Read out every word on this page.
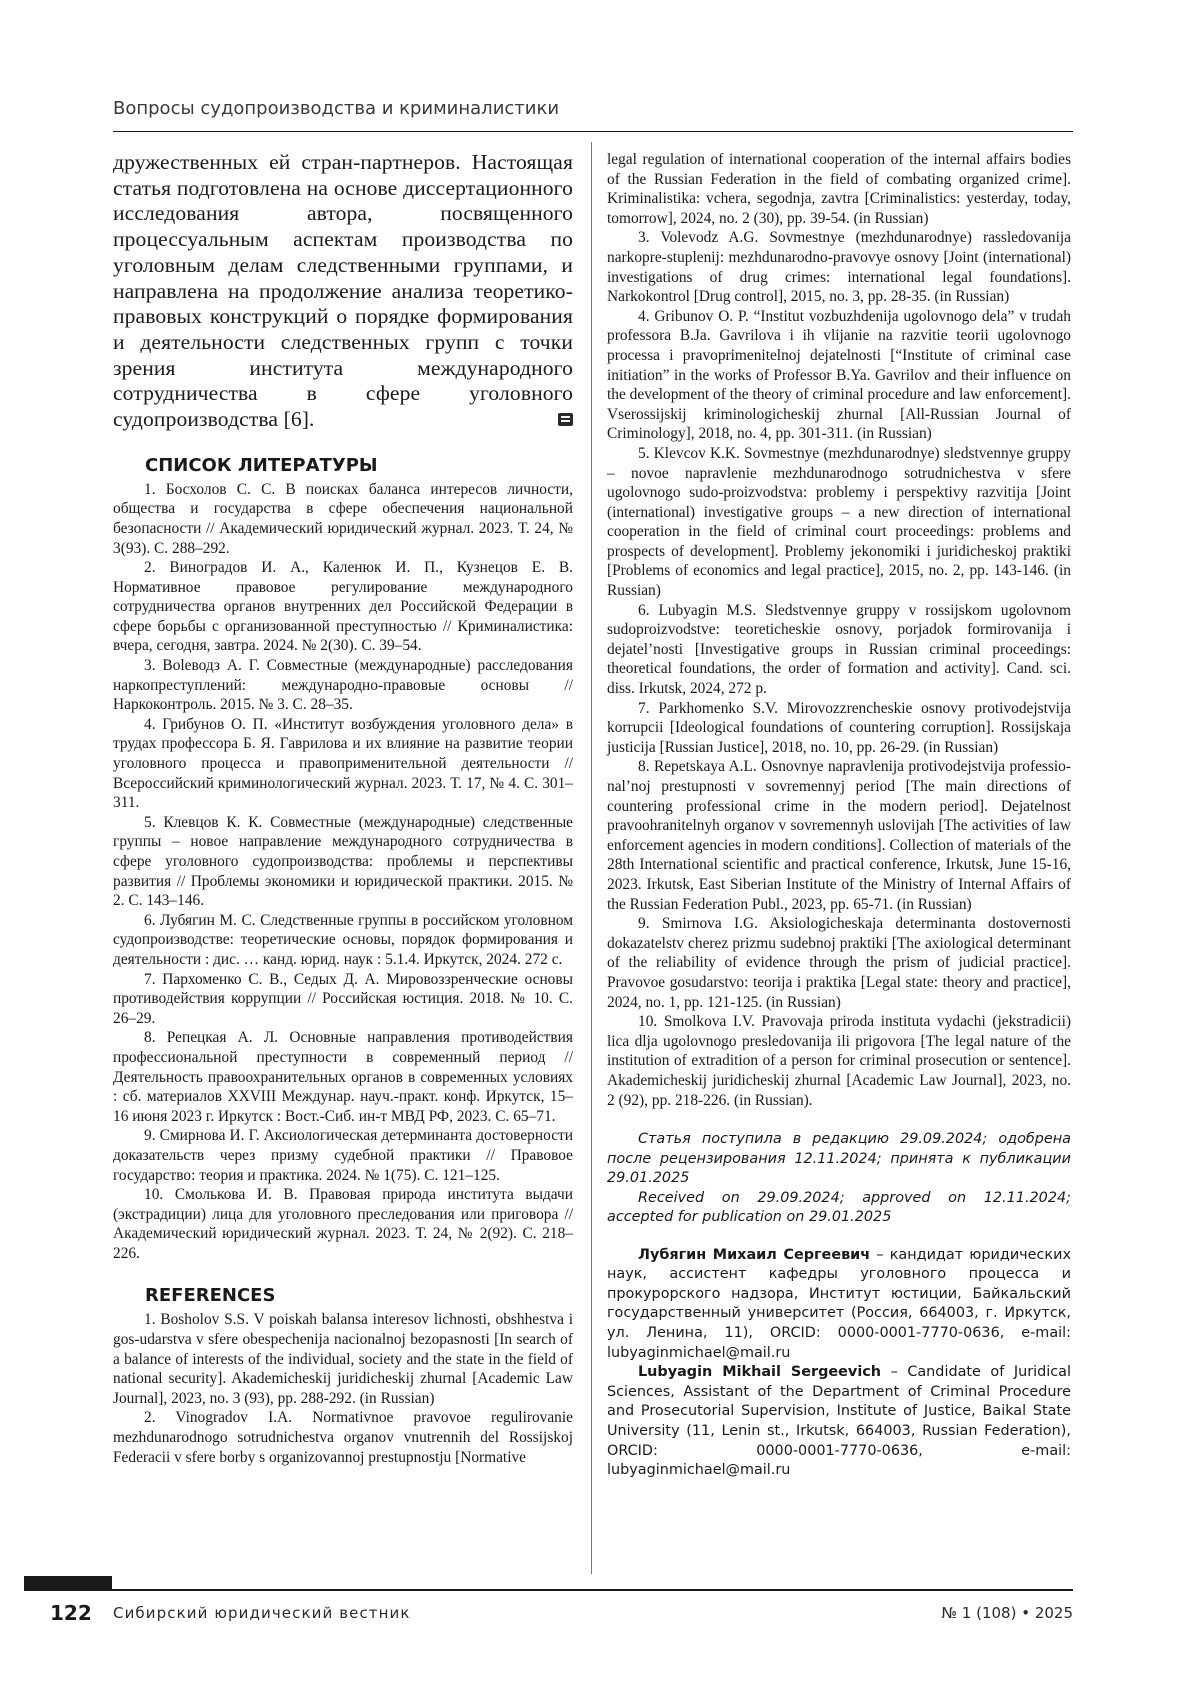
Вопросы судопроизводства и криминалистики

дружественных ей стран-партнеров. Настоящая статья подготовлена на основе диссертационного исследования автора, посвященного процессуальным аспектам производства по уголовным делам следственными группами, и направлена на продолжение анализа теоретико-правовых конструкций о порядке формирования и деятельности следственных групп с точки зрения института международного сотрудничества в сфере уголовного судопроизводства [6].

СПИСОК ЛИТЕРАТУРЫ

1. Босхолов С. С. В поисках баланса интересов личности, общества и государства в сфере обеспечения национальной безопасности // Академический юридический журнал. 2023. Т. 24, № 3(93). С. 288–292.

2. Виноградов И. А., Каленюк И. П., Кузнецов Е. В. Нормативное правовое регулирование международного сотрудничества органов внутренних дел Российской Федерации в сфере борьбы с организованной преступностью // Криминалистика: вчера, сегодня, завтра. 2024. № 2(30). С. 39–54.

3. Воleводз А. Г. Совместные (международные) расследования наркопреступлений: международно-правовые основы // Наркоконтроль. 2015. № 3. С. 28–35.

4. Грибунов О. П. «Институт возбуждения уголовного дела» в трудах профессора Б. Я. Гаврилова и их влияние на развитие теории уголовного процесса и правоприменительной деятельности // Всероссийский криминологический журнал. 2023. Т. 17, № 4. С. 301–311.

5. Клевцов К. К. Совместные (международные) следственные группы – новое направление международного сотрудничества в сфере уголовного судопроизводства: проблемы и перспективы развития // Проблемы экономики и юридической практики. 2015. № 2. С. 143–146.

6. Лубягин М. С. Следственные группы в российском уголовном судопроизводстве: теоретические основы, порядок формирования и деятельности : дис. … канд. юрид. наук : 5.1.4. Иркутск, 2024. 272 с.

7. Пархоменко С. В., Седых Д. А. Мировоззренческие основы противодействия коррупции // Российская юстиция. 2018. № 10. С. 26–29.

8. Репецкая А. Л. Основные направления противодействия профессиональной преступности в современный период // Деятельность правоохранительных органов в современных условиях : сб. материалов XXVIII Междунар. науч.-практ. конф. Иркутск, 15–16 июня 2023 г. Иркутск : Вост.-Сиб. ин-т МВД РФ, 2023. С. 65–71.

9. Смирнова И. Г. Аксиологическая детерминанта достоверности доказательств через призму судебной практики // Правовое государство: теория и практика. 2024. № 1(75). С. 121–125.

10. Смолькова И. В. Правовая природа института выдачи (экстрадиции) лица для уголовного преследования или приговора // Академический юридический журнал. 2023. Т. 24, № 2(92). С. 218–226.

REFERENCES

1. Bosholov S.S. V poiskah balansa interesov lichnosti, obshhestva i gos-udarstva v sfere obespechenija nacionalnoj bezopasnosti [In search of a balance of interests of the individual, society and the state in the field of national security]. Akademicheskij juridicheskij zhurnal [Academic Law Journal], 2023, no. 3 (93), pp. 288-292. (in Russian)

2. Vinogradov I.A. Normativnoe pravovoe regulirovanie mezhdunarodnogo sotrudnichestva organov vnutrennih del Rossijskoj Federacii v sfere borby s organizovannoj prestupnostju [Normative

legal regulation of international cooperation of the internal affairs bodies of the Russian Federation in the field of combating organized crime]. Kriminalistika: vchera, segodnja, zavtra [Criminalistics: yesterday, today, tomorrow], 2024, no. 2 (30), pp. 39-54. (in Russian)

3. Volevodz A.G. Sovmestnye (mezhdunarodnye) rassledovanija narkopre-stuplenij: mezhdunarodno-pravovye osnovy [Joint (international) investigations of drug crimes: international legal foundations]. Narkokontrol [Drug control], 2015, no. 3, pp. 28-35. (in Russian)

4. Gribunov O. P. “Institut vozbuzhdenija ugolovnogo dela” v trudah professora B.Ja. Gavrilova i ih vlijanie na razvitie teorii ugolovnogo processa i pravoprimenitelnoj dejatelnosti [“Institute of criminal case initiation” in the works of Professor B.Ya. Gavrilov and their influence on the development of the theory of criminal procedure and law enforcement]. Vserossijskij kriminologicheskij zhurnal [All-Russian Journal of Criminology], 2018, no. 4, pp. 301-311. (in Russian)

5. Klevcov K.K. Sovmestnye (mezhdunarodnye) sledstvennye gruppy – novoe napravlenie mezhdunarodnogo sotrudnichestva v sfere ugolovnogo sudo-proizvodstva: problemy i perspektivy razvitija [Joint (international) investigative groups – a new direction of international cooperation in the field of criminal court proceedings: problems and prospects of development]. Problemy jekonomiki i juridicheskoj praktiki [Problems of economics and legal practice], 2015, no. 2, pp. 143-146. (in Russian)

6. Lubyagin M.S. Sledstvennye gruppy v rossijskom ugolovnom sudoproizvodstve: teoreticheskie osnovy, porjadok formirovanija i dejatel’nosti [Investigative groups in Russian criminal proceedings: theoretical foundations, the order of formation and activity]. Cand. sci. diss. Irkutsk, 2024, 272 p.

7. Parkhomenko S.V. Mirovozzrencheskie osnovy protivodejstvija korrupcii [Ideological foundations of countering corruption]. Rossijskaja justicija [Russian Justice], 2018, no. 10, pp. 26-29. (in Russian)

8. Repetskaya A.L. Osnovnye napravlenija protivodejstvija professio-nal’noj prestupnosti v sovremennyj period [The main directions of countering professional crime in the modern period]. Dejatelnost pravoohranitelnyh organov v sovremennyh uslovijah [The activities of law enforcement agencies in modern conditions]. Collection of materials of the 28th International scientific and practical conference, Irkutsk, June 15-16, 2023. Irkutsk, East Siberian Institute of the Ministry of Internal Affairs of the Russian Federation Publ., 2023, pp. 65-71. (in Russian)

9. Smirnova I.G. Aksiologicheskaja determinanta dostovernosti dokazatelstv cherez prizmu sudebnoj praktiki [The axiological determinant of the reliability of evidence through the prism of judicial practice]. Pravovoe gosudarstvo: teorija i praktika [Legal state: theory and practice], 2024, no. 1, pp. 121-125. (in Russian)

10. Smolkova I.V. Pravovaja priroda instituta vydachi (jekstradicii) lica dlja ugolovnogo presledovanija ili prigovora [The legal nature of the institution of extradition of a person for criminal prosecution or sentence]. Akademicheskij juridicheskij zhurnal [Academic Law Journal], 2023, no. 2 (92), pp. 218-226. (in Russian).

Статья поступила в редакцию 29.09.2024; одобрена после рецензирования 12.11.2024; принята к публикации 29.01.2025

Received on 29.09.2024; approved on 12.11.2024; accepted for publication on 29.01.2025

Лубягин Михаил Сергеевич – кандидат юридических наук, ассистент кафедры уголовного процесса и прокурорского надзора, Институт юстиции, Байкальский государственный университет (Россия, 664003, г. Иркутск, ул. Ленина, 11), ORCID: 0000-0001-7770-0636, e-mail: lubyaginmichael@mail.ru

Lubyagin Mikhail Sergeevich – Candidate of Juridical Sciences, Assistant of the Department of Criminal Procedure and Prosecutorial Supervision, Institute of Justice, Baikal State University (11, Lenin st., Irkutsk, 664003, Russian Federation), ORCID: 0000-0001-7770-0636, e-mail: lubyaginmichael@mail.ru

122 Сибирский юридический вестник	№ 1 (108) • 2025
